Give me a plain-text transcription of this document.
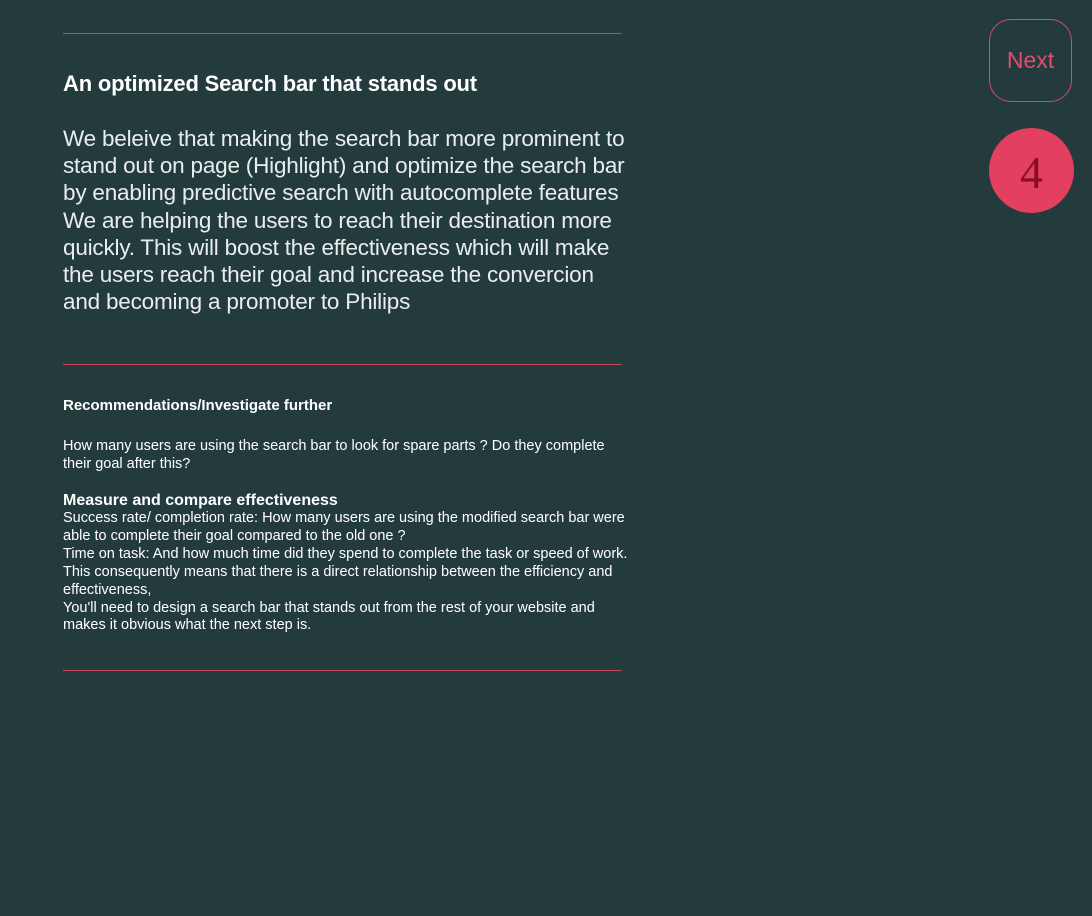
An optimized Search bar that stands out
We beleive that making the search bar more prominent to stand out on page (Highlight) and optimize the search bar by enabling predictive search with autocomplete features We are helping the users to reach their destination more quickly. This will boost the effectiveness which will make the users reach their goal and increase the convercion and becoming a promoter to Philips
Recommendations/Investigate further
How many users are using the search bar to look for spare parts ? Do they complete their goal after this?
Measure and compare effectiveness
Success rate/ completion rate: How many users are using the modified search bar were able to complete their goal compared to the old one ?
Time on task: And how much time did they spend to complete the task or speed of work. This consequently means that there is a direct relationship between the efficiency and effectiveness,
You'll need to design a search bar that stands out from the rest of your website and makes it obvious what the next step is.
Next
4
